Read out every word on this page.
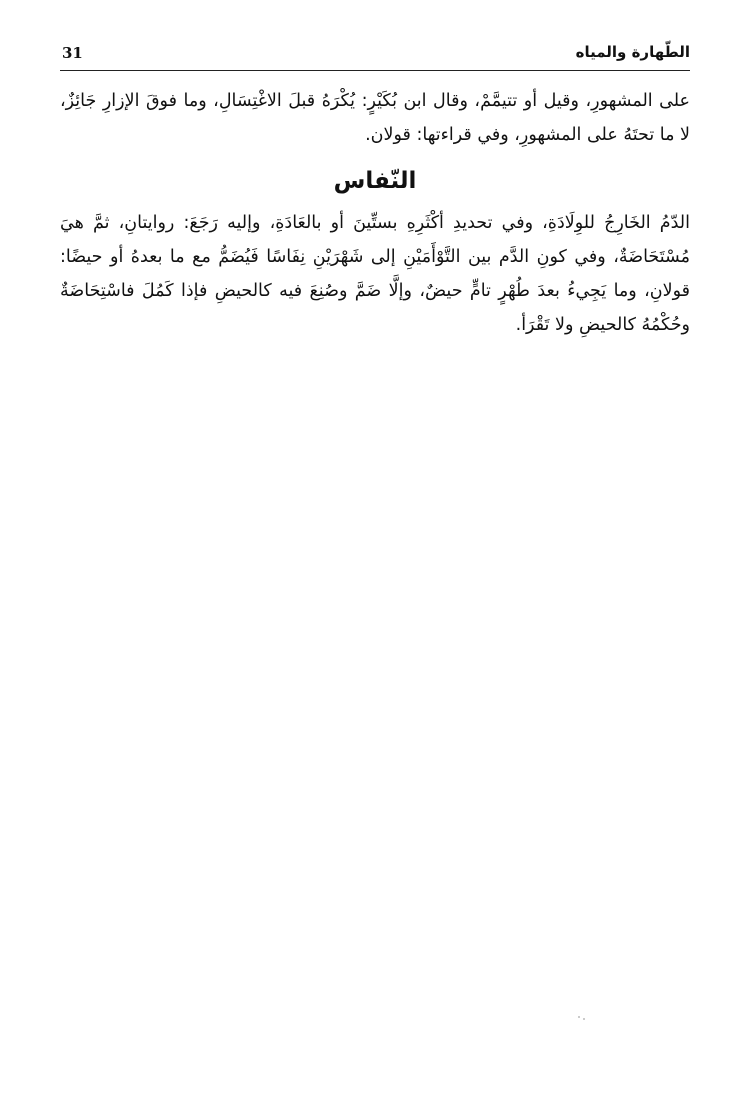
31	الطّهارة والمياه
على المشهورِ، وقيل أو تتيمَّمْ، وقال ابن بُكَيْرٍ: يُكْرَهُ قبلَ الاغْتِسَالِ، وما فوقَ الإزارِ جَائِزٌ، لا ما تحتَهُ على المشهورِ، وفي قراءتها: قولان.
النّفاس
الدّمُ الخَارِجُ للوِلَادَةِ، وفي تحديدِ أكْثَرِهِ بستِّينَ أو بالعَادَةِ، وإليه رَجَعَ: روايتانِ، ثمَّ هيَ مُسْتَحَاضَةٌ، وفي كونِ الدَّم بين التَّوْأَمَيْنِ إلى شَهْرَيْنِ نِفَاسًا فَيُضَمُّ مع ما بعدهُ أو حيضًا: قولانِ، وما يَجِيءُ بعدَ طُهْرٍ تامٍّ حيضٌ، وإلَّا ضَمَّ وصُنِعَ فيه كالحيضِ فإذا كَمُلَ فاسْتِحَاضَةٌ وحُكْمُهُ كالحيضِ ولا تَقْرَأ.
